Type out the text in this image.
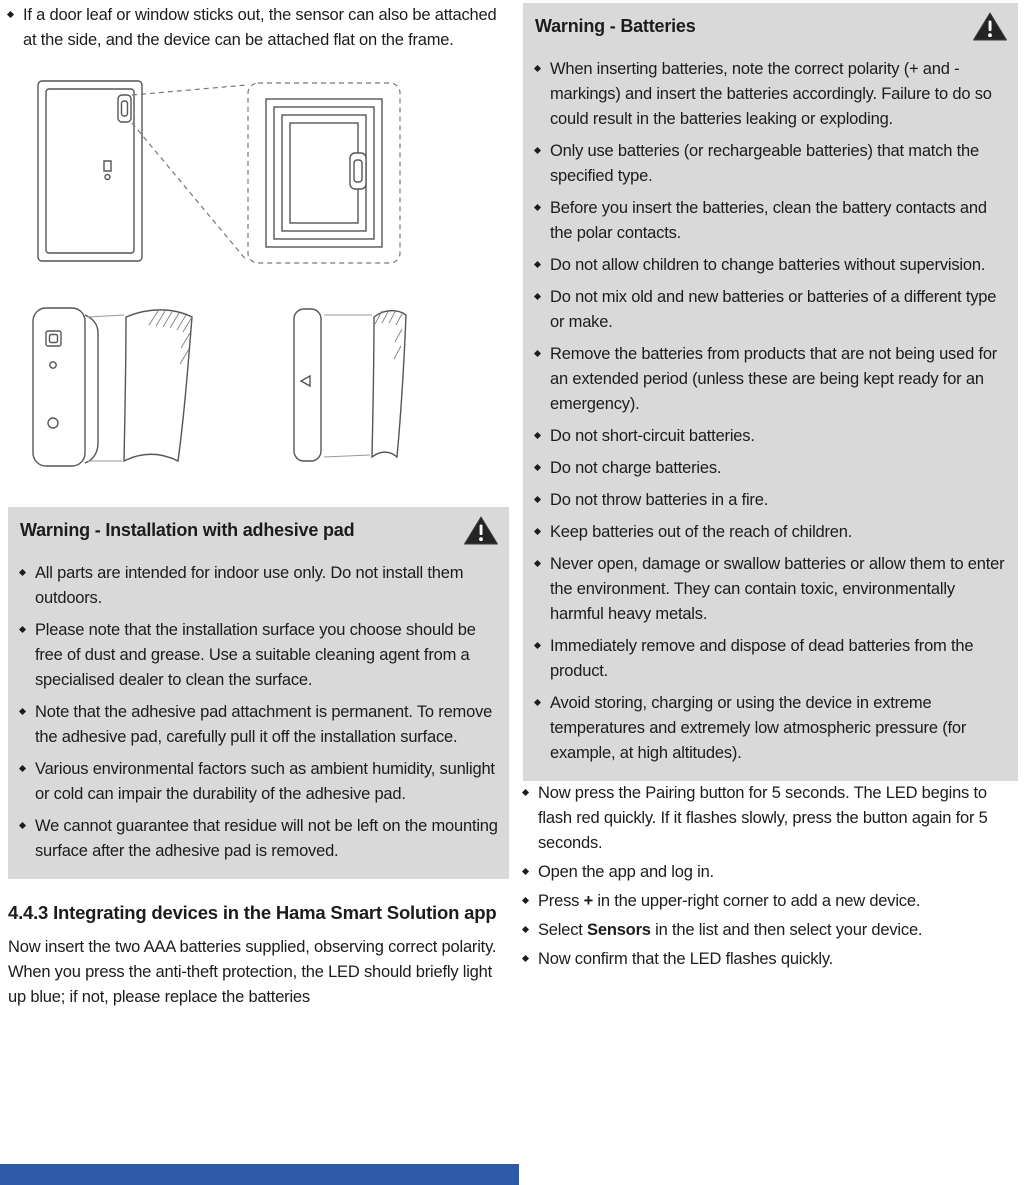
If a door leaf or window sticks out, the sensor can also be attached at the side, and the device can be attached flat on the frame.
Warning - Installation with adhesive pad
All parts are intended for indoor use only. Do not install them outdoors.
Please note that the installation surface you choose should be free of dust and grease. Use a suitable cleaning agent from a specialised dealer to clean the surface.
Note that the adhesive pad attachment is permanent. To remove the adhesive pad, carefully pull it off the installation surface.
Various environmental factors such as ambient humidity, sunlight or cold can impair the durability of the adhesive pad.
We cannot guarantee that residue will not be left on the mounting surface after the adhesive pad is removed.
4.4.3 Integrating devices in the Hama Smart Solution app

Now insert the two AAA batteries supplied, observing correct polarity. When you press the anti-theft protection, the LED should briefly light up blue; if not, please replace the batteries

Warning - Batteries
When inserting batteries, note the correct polarity (+ and - markings) and insert the batteries accordingly. Failure to do so could result in the batteries leaking or exploding.
Only use batteries (or rechargeable batteries) that match the specified type.
Before you insert the batteries, clean the battery contacts and the polar contacts.
Do not allow children to change batteries without supervision.
Do not mix old and new batteries or batteries of a different type or make.
Remove the batteries from products that are not being used for an extended period (unless these are being kept ready for an emergency).
Do not short-circuit batteries.
Do not charge batteries.
Do not throw batteries in a fire.
Keep batteries out of the reach of children.
Never open, damage or swallow batteries or allow them to enter the environment. They can contain toxic, environmentally harmful heavy metals.
Immediately remove and dispose of dead batteries from the product.
Avoid storing, charging or using the device in extreme temperatures and extremely low atmospheric pressure (for example, at high altitudes).
Now press the Pairing button for 5 seconds. The LED begins to flash red quickly. If it flashes slowly, press the button again for 5 seconds.
Open the app and log in.
Press + in the upper-right corner to add a new device.
Select Sensors in the list and then select your device.
Now confirm that the LED flashes quickly.
